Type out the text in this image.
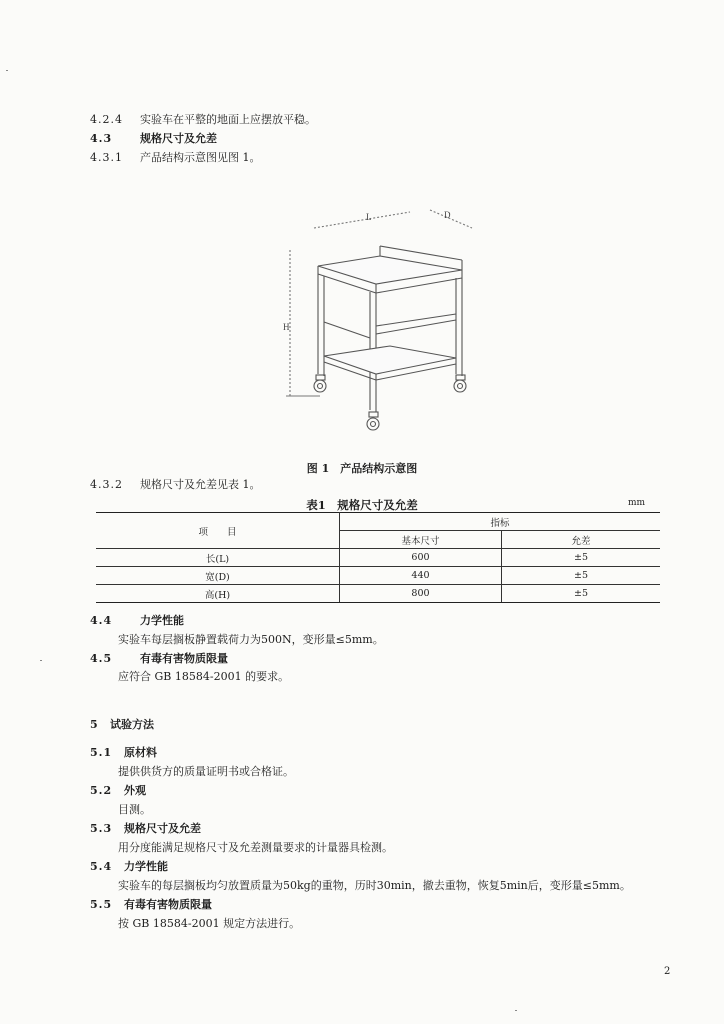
4.2.4 实验车在平整的地面上应摆放平稳。
4.3	规格尺寸及允差
4.3.1 产品结构示意图见图 1。
L	D
H
图 1　产品结构示意图
4.3.2 规格尺寸及允差见表 1。
表1　规格尺寸及允差	mm
项　　目	指标	
	基本尺寸	允差
长(L)	600	±5
宽(D)	440	±5
高(H)	800	±5
4.4	力学性能
实验车每层搁板静置载荷力为500N，变形量≤5mm。
4.5	有毒有害物质限量
应符合 GB 18584-2001 的要求。
5 试验方法
5.1 原材料
提供供货方的质量证明书或合格证。
5.2 外观
目测。
5.3 规格尺寸及允差
用分度能满足规格尺寸及允差测量要求的计量器具检测。
5.4 力学性能
实验车的每层搁板均匀放置质量为50kg的重物，历时30min，撤去重物，恢复5min后，变形量≤5mm。
5.5 有毒有害物质限量
按 GB 18584-2001 规定方法进行。
2
